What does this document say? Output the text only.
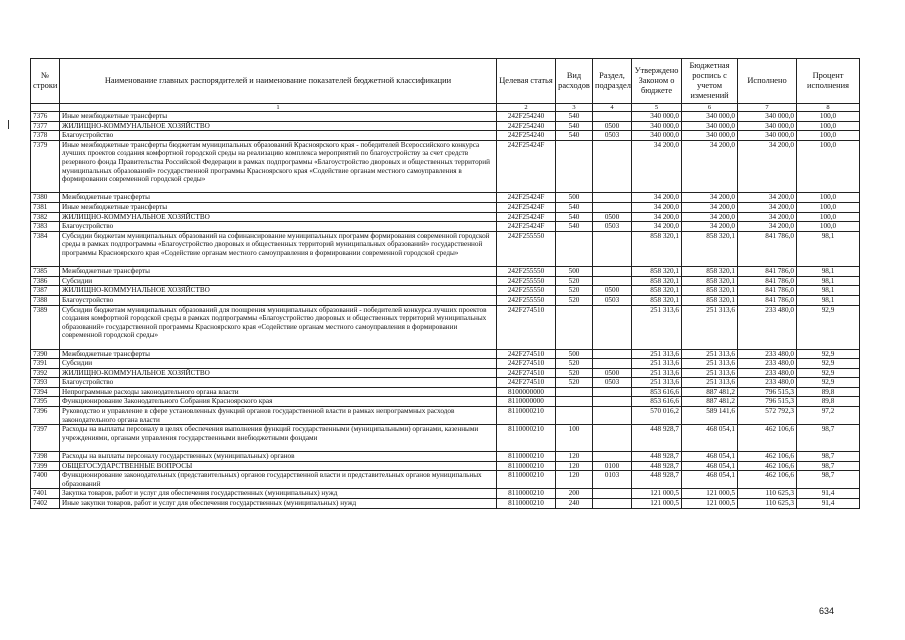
№ строки	Наименование главных распорядителей и наименование показателей бюджетной классификации	Целевая статья	Вид расходов	Раздел, подраздел	Утверждено Законом о бюджете	Бюджетная роспись с учетом изменений	Исполнено	Процент исполнения
	1	2	3	4	5	6	7	8
7376	Иные межбюджетные трансферты	242F254240	540		340 000,0	340 000,0	340 000,0	100,0
7377	ЖИЛИЩНО-КОММУНАЛЬНОЕ ХОЗЯЙСТВО	242F254240	540	0500	340 000,0	340 000,0	340 000,0	100,0
7378	Благоустройство	242F254240	540	0503	340 000,0	340 000,0	340 000,0	100,0
7379	Иные межбюджетные трансферты бюджетам муниципальных образований Красноярского края - победителей Всероссийского конкурса лучших проектов создания комфортной городской среды на реализацию комплекса мероприятий по благоустройству за счет средств резервного фонда Правительства Российской Федерации в рамках подпрограммы «Благоустройство дворовых и общественных территорий муниципальных образований» государственной программы Красноярского края «Содействие органам местного самоуправления в формировании современной городской среды»	242F25424F			34 200,0	34 200,0	34 200,0	100,0
7380	Межбюджетные трансферты	242F25424F	500		34 200,0	34 200,0	34 200,0	100,0
7381	Иные межбюджетные трансферты	242F25424F	540		34 200,0	34 200,0	34 200,0	100,0
7382	ЖИЛИЩНО-КОММУНАЛЬНОЕ ХОЗЯЙСТВО	242F25424F	540	0500	34 200,0	34 200,0	34 200,0	100,0
7383	Благоустройство	242F25424F	540	0503	34 200,0	34 200,0	34 200,0	100,0
7384	Субсидии бюджетам муниципальных образований на софинансирование муниципальных программ формирования современной городской среды в рамках подпрограммы «Благоустройство дворовых и общественных территорий муниципальных образований» государственной программы Красноярского края «Содействие органам местного самоуправления в формировании современной городской среды»	242F255550			858 320,1	858 320,1	841 786,0	98,1
7385	Межбюджетные трансферты	242F255550	500		858 320,1	858 320,1	841 786,0	98,1
7386	Субсидии	242F255550	520		858 320,1	858 320,1	841 786,0	98,1
7387	ЖИЛИЩНО-КОММУНАЛЬНОЕ ХОЗЯЙСТВО	242F255550	520	0500	858 320,1	858 320,1	841 786,0	98,1
7388	Благоустройство	242F255550	520	0503	858 320,1	858 320,1	841 786,0	98,1
7389	Субсидии бюджетам муниципальных образований для поощрения муниципальных образований - победителей конкурса лучших проектов создания комфортной городской среды в рамках подпрограммы «Благоустройство дворовых и общественных территорий муниципальных образований» государственной программы Красноярского края «Содействие органам местного самоуправления в формировании современной городской среды»	242F274510			251 313,6	251 313,6	233 480,0	92,9
7390	Межбюджетные трансферты	242F274510	500		251 313,6	251 313,6	233 480,0	92,9
7391	Субсидии	242F274510	520		251 313,6	251 313,6	233 480,0	92,9
7392	ЖИЛИЩНО-КОММУНАЛЬНОЕ ХОЗЯЙСТВО	242F274510	520	0500	251 313,6	251 313,6	233 480,0	92,9
7393	Благоустройство	242F274510	520	0503	251 313,6	251 313,6	233 480,0	92,9
7394	Непрограммные расходы законодательного органа власти	8100000000			853 616,6	887 481,2	796 515,3	89,8
7395	Функционирование Законодательного Собрания Красноярского края	8110000000			853 616,6	887 481,2	796 515,3	89,8
7396	Руководство и управление в сфере установленных функций органов государственной власти в рамках непрограммных расходов законодательного органа власти	8110000210			570 016,2	589 141,6	572 792,3	97,2
7397	Расходы на выплаты персоналу в целях обеспечения выполнения функций государственными (муниципальными) органами, казенными учреждениями, органами управления государственными внебюджетными фондами	8110000210	100		448 928,7	468 054,1	462 106,6	98,7
7398	Расходы на выплаты персоналу государственных (муниципальных) органов	8110000210	120		448 928,7	468 054,1	462 106,6	98,7
7399	ОБЩЕГОСУДАРСТВЕННЫЕ ВОПРОСЫ	8110000210	120	0100	448 928,7	468 054,1	462 106,6	98,7
7400	Функционирование законодательных (представительных) органов государственной власти и представительных органов муниципальных образований	8110000210	120	0103	448 928,7	468 054,1	462 106,6	98,7
7401	Закупка товаров, работ и услуг для обеспечения государственных (муниципальных) нужд	8110000210	200		121 000,5	121 000,5	110 625,3	91,4
7402	Иные закупки товаров, работ и услуг для обеспечения государственных (муниципальных) нужд	8110000210	240		121 000,5	121 000,5	110 625,3	91,4
634
